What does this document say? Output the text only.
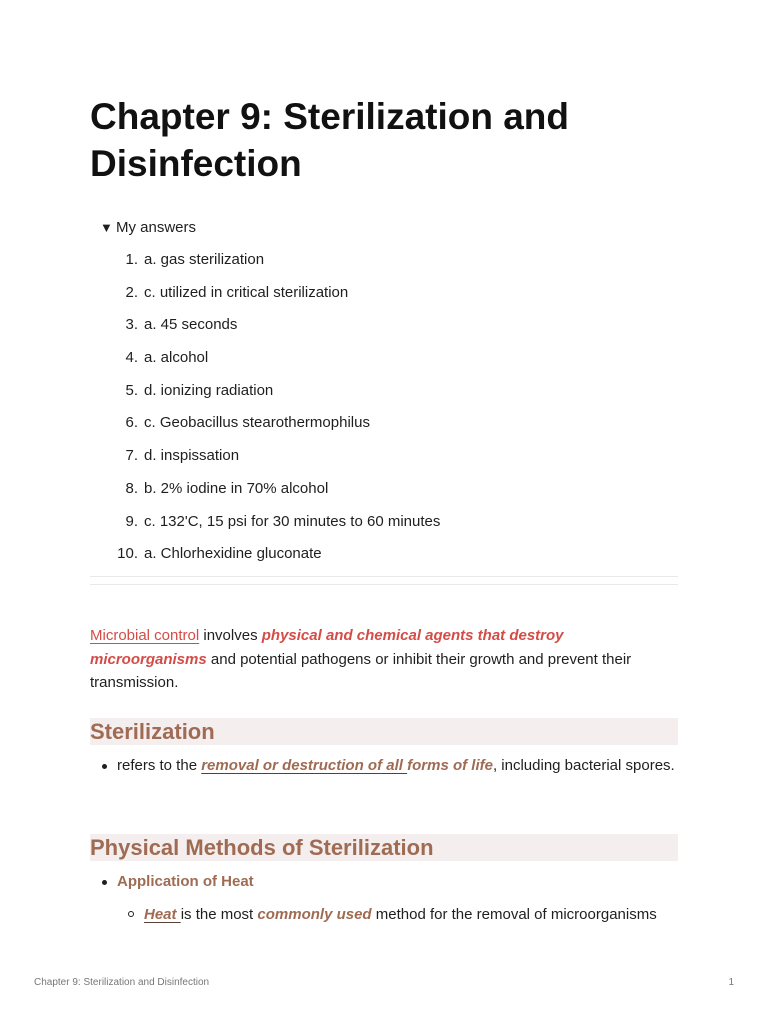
Chapter 9: Sterilization and Disinfection
▼ My answers
1. a. gas sterilization
2. c. utilized in critical sterilization
3. a. 45 seconds
4. a. alcohol
5. d. ionizing radiation
6. c. Geobacillus stearothermophilus
7. d. inspissation
8. b. 2% iodine in 70% alcohol
9. c. 132'C, 15 psi for 30 minutes to 60 minutes
10. a. Chlorhexidine gluconate

Microbial control involves physical and chemical agents that destroy microorganisms and potential pathogens or inhibit their growth and prevent their transmission.

Sterilization
refers to the removal or destruction of all forms of life, including bacterial spores.
Physical Methods of Sterilization
Application of Heat
Heat is the most commonly used method for the removal of microorganisms
Chapter 9: Sterilization and Disinfection	1
